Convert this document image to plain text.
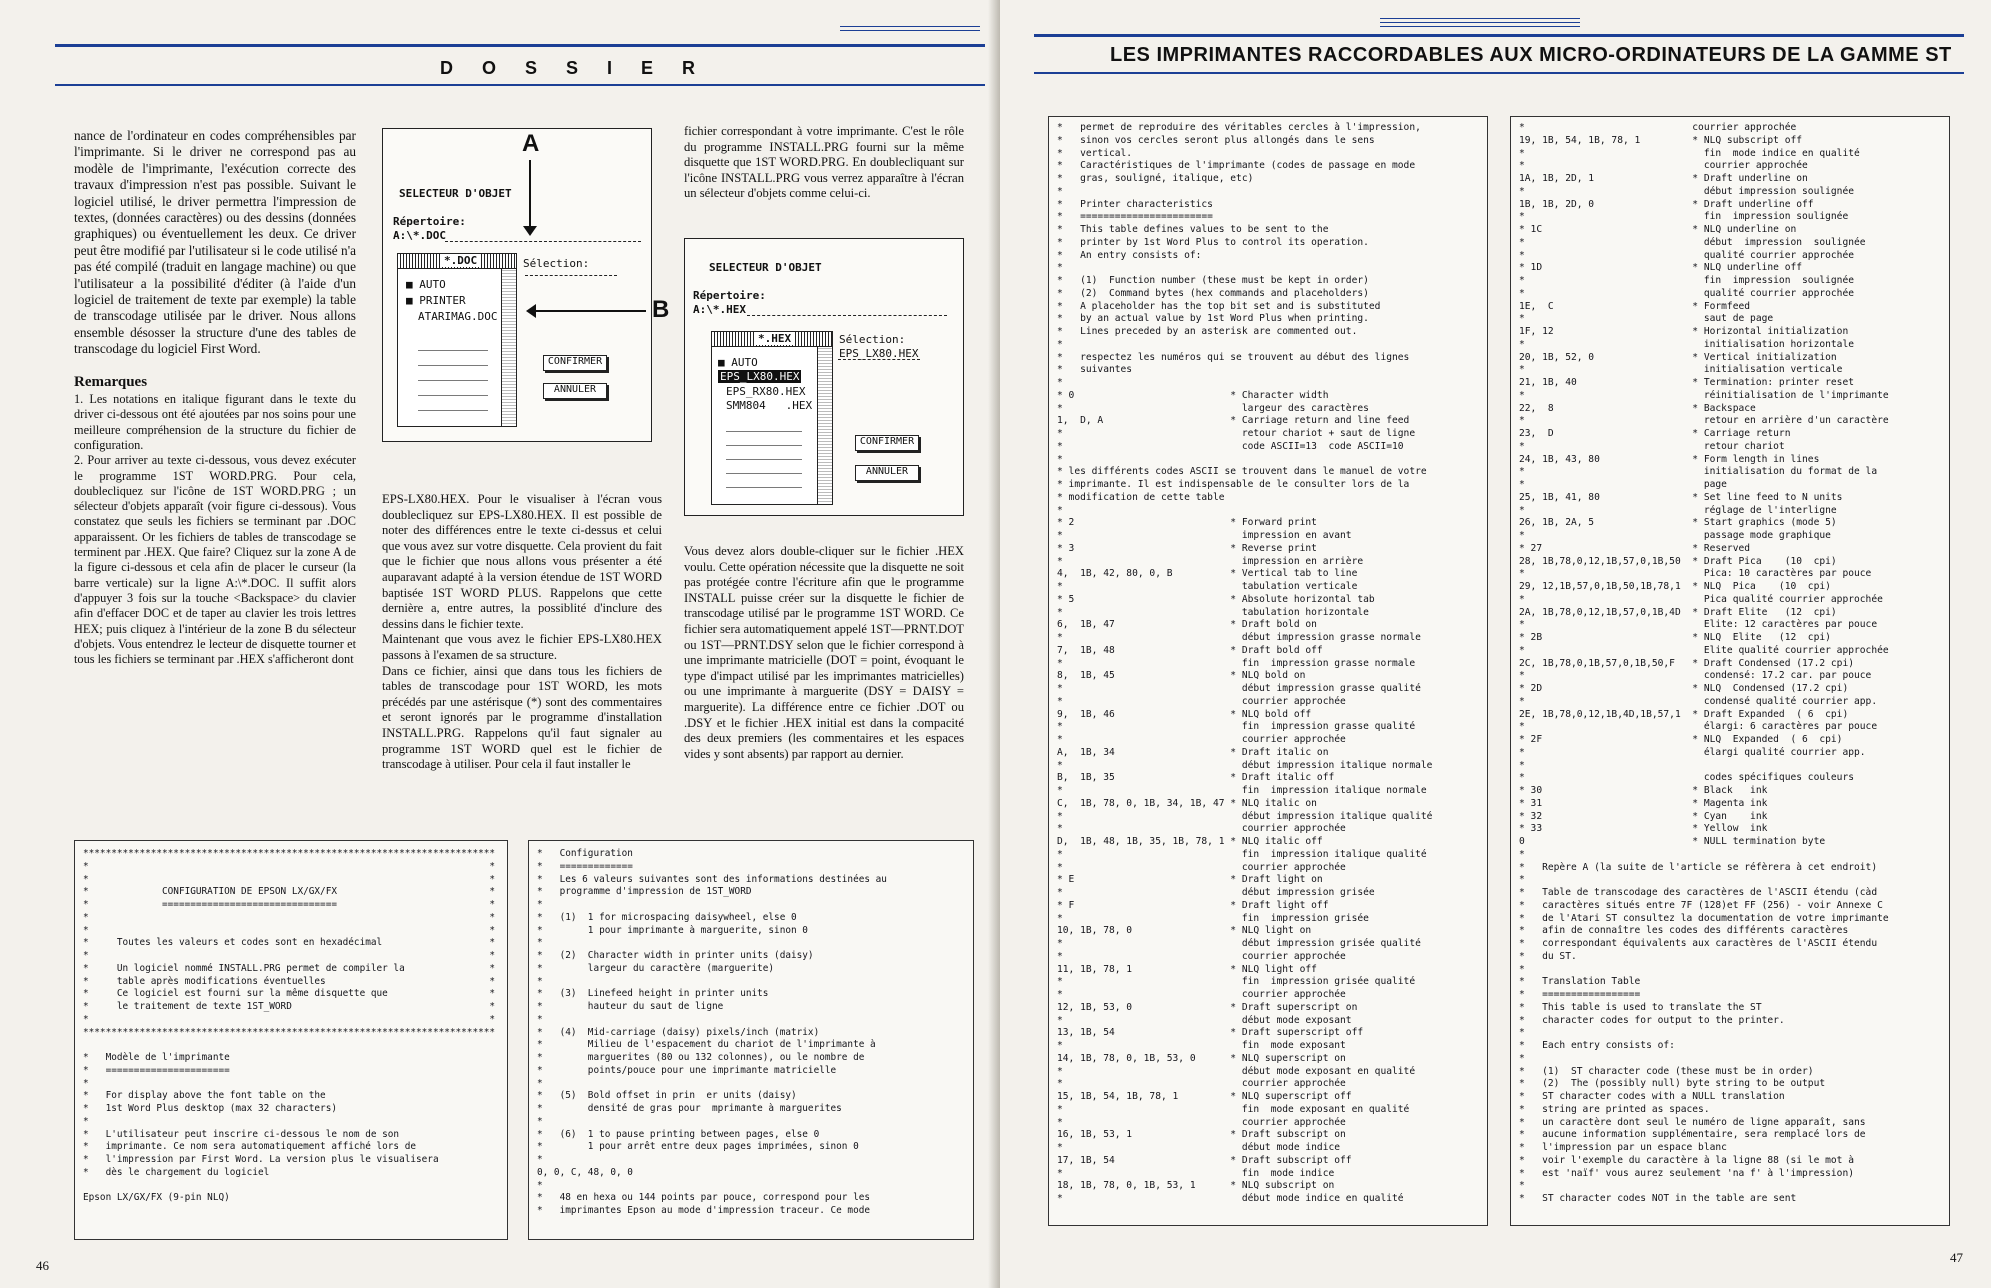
D O S S I E R

nance de l'ordinateur en codes compréhensibles par l'imprimante. Si le driver ne correspond pas au modèle de l'imprimante, l'exécution correcte des travaux d'impression n'est pas possible. Suivant le logiciel utilisé, le driver permettra l'impression de textes, (données caractères) ou des dessins (données graphiques) ou éventuellement les deux. Ce driver peut être modifié par l'utilisateur si le code utilisé n'a pas été compilé (traduit en langage machine) ou que l'utilisateur a la possibilité d'éditer (à l'aide d'un logiciel de traitement de texte par exemple) la table de transcodage utilisée par le driver. Nous allons ensemble désosser la structure d'une des tables de transcodage du logiciel First Word.

Remarques

1. Les notations en italique figurant dans le texte du driver ci-dessous ont été ajoutées par nos soins pour une meilleure compréhension de la structure du fichier de configuration.

2. Pour arriver au texte ci-dessous, vous devez exécuter le programme 1ST WORD.PRG. Pour cela, doublecliquez sur l'icône de 1ST WORD.PRG ; un sélecteur d'objets apparaît (voir figure ci-dessous). Vous constatez que seuls les fichiers se terminant par .DOC apparaissent. Or les fichiers de tables de transcodage se terminent par .HEX. Que faire? Cliquez sur la zone A de la figure ci-dessous et cela afin de placer le curseur (la barre verticale) sur la ligne A:\*.DOC. Il suffit alors d'appuyer 3 fois sur la touche <Backspace> du clavier afin d'effacer DOC et de taper au clavier les trois lettres HEX; puis cliquez à l'intérieur de la zone B du sélecteur d'objets. Vous entendrez le lecteur de disquette tourner et tous les fichiers se terminant par .HEX s'afficheront dont

SELECTEUR D'OBJET
Répertoire:
A:\*.DOC
Sélection:
*.DOC
■ AUTO
■ PRINTER
ATARIMAG.DOC
CONFIRMER
ANNULER
A
B

EPS-LX80.HEX. Pour le visualiser à l'écran vous doublecliquez sur EPS-LX80.HEX. Il est possible de noter des différences entre le texte ci-dessus et celui que vous avez sur votre disquette. Cela provient du fait que le fichier que nous allons vous présenter a été auparavant adapté à la version étendue de 1ST WORD baptisée 1ST WORD PLUS. Rappelons que cette dernière a, entre autres, la possiblité d'inclure des dessins dans le fichier texte.

Maintenant que vous avez le fichier EPS-LX80.HEX passons à l'examen de sa structure.

Dans ce fichier, ainsi que dans tous les fichiers de tables de transcodage pour 1ST WORD, les mots précédés par une astérisque (*) sont des commentaires et seront ignorés par le programme d'installation INSTALL.PRG. Rappelons qu'il faut signaler au programme 1ST WORD quel est le fichier de transcodage à utiliser. Pour cela il faut installer le

fichier correspondant à votre imprimante. C'est le rôle du programme INSTALL.PRG fourni sur la même disquette que 1ST WORD.PRG. En doublecliquant sur l'icône INSTALL.PRG vous verrez apparaître à l'écran un sélecteur d'objets comme celui-ci.

SELECTEUR D'OBJET
Répertoire:
A:\*.HEX
*.HEX
■ AUTO
EPS_LX80.HEX
EPS_RX80.HEX
SMM804   .HEX
Sélection:
EPS_LX80.HEX
CONFIRMER
ANNULER

Vous devez alors double-cliquer sur le fichier .HEX voulu. Cette opération nécessite que la disquette ne soit pas protégée contre l'écriture afin que le programme INSTALL puisse créer sur la disquette le fichier de transcodage utilisé par le programme 1ST WORD. Ce fichier sera automatiquement appelé 1ST—PRNT.DOT ou 1ST—PRNT.DSY selon que le fichier correspond à une imprimante matricielle (DOT = point, évoquant le type d'impact utilisé par les imprimantes matricielles) ou une imprimante à marguerite (DSY = DAISY = marguerite). La différence entre ce fichier .DOT ou .DSY et le fichier .HEX initial est dans la compacité des deux premiers (les commentaires et les espaces vides y sont absents) par rapport au dernier.

*************************************************************************
*                                                                       *
*                                                                       *
*             CONFIGURATION DE EPSON LX/GX/FX                           *
*             ===============================                           *
*                                                                       *
*                                                                       *
*     Toutes les valeurs et codes sont en hexadécimal                   *
*                                                                       *
*     Un logiciel nommé INSTALL.PRG permet de compiler la               *
*     table après modifications éventuelles                             *
*     Ce logiciel est fourni sur la même disquette que                  *
*     le traitement de texte 1ST_WORD                                   *
*                                                                       *
*************************************************************************
*   Modèle de l'imprimante
*   ======================
*
*   For display above the font table on the
*   1st Word Plus desktop (max 32 characters)
*
*   L'utilisateur peut inscrire ci-dessous le nom de son
*   imprimante. Ce nom sera automatiquement affiché lors de
*   l'impression par First Word. La version plus le visualisera
*   dès le chargement du logiciel
Epson LX/GX/FX (9-pin NLQ)
*   Configuration
*   =============
*   Les 6 valeurs suivantes sont des informations destinées au
*   programme d'impression de 1ST_WORD
*
*   (1)  1 for microspacing daisywheel, else 0
*        1 pour imprimante à marguerite, sinon 0
*
*   (2)  Character width in printer units (daisy)
*        largeur du caractère (marguerite)
*
*   (3)  Linefeed height in printer units
*        hauteur du saut de ligne
*
*   (4)  Mid-carriage (daisy) pixels/inch (matrix)
*        Milieu de l'espacement du chariot de l'imprimante à
*        marguerites (80 ou 132 colonnes), ou le nombre de
*        points/pouce pour une imprimante matricielle
*
*   (5)  Bold offset in prin  er units (daisy)
*        densité de gras pour  mprimante à marguerites
*
*   (6)  1 to pause printing between pages, else 0
*        1 pour arrêt entre deux pages imprimées, sinon 0
*
0, 0, C, 48, 0, 0
*
*   48 en hexa ou 144 points par pouce, correspond pour les
*   imprimantes Epson au mode d'impression traceur. Ce mode
46
LES IMPRIMANTES RACCORDABLES AUX MICRO-ORDINATEURS DE LA GAMME ST
*   permet de reproduire des véritables cercles à l'impression,
*   sinon vos cercles seront plus allongés dans le sens
*   vertical.
*   Caractéristiques de l'imprimante (codes de passage en mode
*   gras, souligné, italique, etc)
*
*   Printer characteristics
*   =======================
*   This table defines values to be sent to the
*   printer by 1st Word Plus to control its operation.
*   An entry consists of:
*
*   (1)  Function number (these must be kept in order)
*   (2)  Command bytes (hex commands and placeholders)
*   A placeholder has the top bit set and is substituted
*   by an actual value by 1st Word Plus when printing.
*   Lines preceded by an asterisk are commented out.
*
*   respectez les numéros qui se trouvent au début des lignes
*   suivantes
*
* 0                           * Character width
*                               largeur des caractères
1,  D, A                      * Carriage return and line feed
*                               retour chariot + saut de ligne
*                               code ASCII=13  code ASCII=10
*
* les différents codes ASCII se trouvent dans le manuel de votre
* imprimante. Il est indispensable de le consulter lors de la
* modification de cette table
*
* 2                           * Forward print
*                               impression en avant
* 3                           * Reverse print
*                               impression en arrière
4,  1B, 42, 80, 0, B          * Vertical tab to line
*                               tabulation verticale
* 5                           * Absolute horizontal tab
*                               tabulation horizontale
6,  1B, 47                    * Draft bold on
*                               début impression grasse normale
7,  1B, 48                    * Draft bold off
*                               fin  impression grasse normale
8,  1B, 45                    * NLQ bold on
*                               début impression grasse qualité
*                               courrier approchée
9,  1B, 46                    * NLQ bold off
*                               fin  impression grasse qualité
*                               courrier approchée
A,  1B, 34                    * Draft italic on
*                               début impression italique normale
B,  1B, 35                    * Draft italic off
*                               fin  impression italique normale
C,  1B, 78, 0, 1B, 34, 1B, 47 * NLQ italic on
*                               début impression italique qualité
*                               courrier approchée
D,  1B, 48, 1B, 35, 1B, 78, 1 * NLQ italic off
*                               fin  impression italique qualité
*                               courrier approchée
* E                           * Draft light on
*                               début impression grisée
* F                           * Draft light off
*                               fin  impression grisée
10, 1B, 78, 0                 * NLQ light on
*                               début impression grisée qualité
*                               courrier approchée
11, 1B, 78, 1                 * NLQ light off
*                               fin  impression grisée qualité
*                               courrier approchée
12, 1B, 53, 0                 * Draft superscript on
*                               début mode exposant
13, 1B, 54                    * Draft superscript off
*                               fin  mode exposant
14, 1B, 78, 0, 1B, 53, 0      * NLQ superscript on
*                               début mode exposant en qualité
*                               courrier approchée
15, 1B, 54, 1B, 78, 1         * NLQ superscript off
*                               fin  mode exposant en qualité
*                               courrier approchée
16, 1B, 53, 1                 * Draft subscript on
*                               début mode indice
17, 1B, 54                    * Draft subscript off
*                               fin  mode indice
18, 1B, 78, 0, 1B, 53, 1      * NLQ subscript on
*                               début mode indice en qualité
*                             courrier approchée
19, 1B, 54, 1B, 78, 1         * NLQ subscript off
*                               fin  mode indice en qualité
*                               courrier approchée
1A, 1B, 2D, 1                 * Draft underline on
*                               début impression soulignée
1B, 1B, 2D, 0                 * Draft underline off
*                               fin  impression soulignée
* 1C                          * NLQ underline on
*                               début  impression  soulignée
*                               qualité courrier approchée
* 1D                          * NLQ underline off
*                               fin  impression  soulignée
*                               qualité courrier approchée
1E,  C                        * Formfeed
*                               saut de page
1F, 12                        * Horizontal initialization
*                               initialisation horizontale
20, 1B, 52, 0                 * Vertical initialization
*                               initialisation verticale
21, 1B, 40                    * Termination: printer reset
*                               réinitialisation de l'imprimante
22,  8                        * Backspace
*                               retour en arrière d'un caractère
23,  D                        * Carriage return
*                               retour chariot
24, 1B, 43, 80                * Form length in lines
*                               initialisation du format de la
*                               page
25, 1B, 41, 80                * Set line feed to N units
*                               réglage de l'interligne
26, 1B, 2A, 5                 * Start graphics (mode 5)
*                               passage mode graphique
* 27                          * Reserved
28, 1B,78,0,12,1B,57,0,1B,50  * Draft Pica    (10  cpi)
*                               Pica: 10 caractères par pouce
29, 12,1B,57,0,1B,50,1B,78,1  * NLQ  Pica    (10  cpi)
*                               Pica qualité courrier approchée
2A, 1B,78,0,12,1B,57,0,1B,4D  * Draft Elite   (12  cpi)
*                               Elite: 12 caractères par pouce
* 2B                          * NLQ  Elite   (12  cpi)
*                               Elite qualité courrier approchée
2C, 1B,78,0,1B,57,0,1B,50,F   * Draft Condensed (17.2 cpi)
*                               condensé: 17.2 car. par pouce
* 2D                          * NLQ  Condensed (17.2 cpi)
*                               condensé qualité courrier app.
2E, 1B,78,0,12,1B,4D,1B,57,1  * Draft Expanded  ( 6  cpi)
*                               élargi: 6 caractères par pouce
* 2F                          * NLQ  Expanded  ( 6  cpi)
*                               élargi qualité courrier app.
*
*                               codes spécifiques couleurs
* 30                          * Black   ink
* 31                          * Magenta ink
* 32                          * Cyan    ink
* 33                          * Yellow  ink
0                             * NULL termination byte
*
*   Repère A (la suite de l'article se réfèrera à cet endroit)
*
*   Table de transcodage des caractères de l'ASCII étendu (càd
*   caractères situés entre 7F (128)et FF (256) - voir Annexe C
*   de l'Atari ST consultez la documentation de votre imprimante
*   afin de connaître les codes des différents caractères
*   correspondant équivalents aux caractères de l'ASCII étendu
*   du ST.
*
*   Translation Table
*   =================
*   This table is used to translate the ST
*   character codes for output to the printer.
*
*   Each entry consists of:
*
*   (1)  ST character code (these must be in order)
*   (2)  The (possibly null) byte string to be output
*   ST character codes with a NULL translation
*   string are printed as spaces.
*   un caractère dont seul le numéro de ligne apparaît, sans
*   aucune information supplémentaire, sera remplacé lors de
*   l'impression par un espace blanc
*   voir l'exemple du caractère à la ligne 88 (si le mot à
*   est 'naïf' vous aurez seulement 'na f' à l'impression)
*
*   ST character codes NOT in the table are sent
47
